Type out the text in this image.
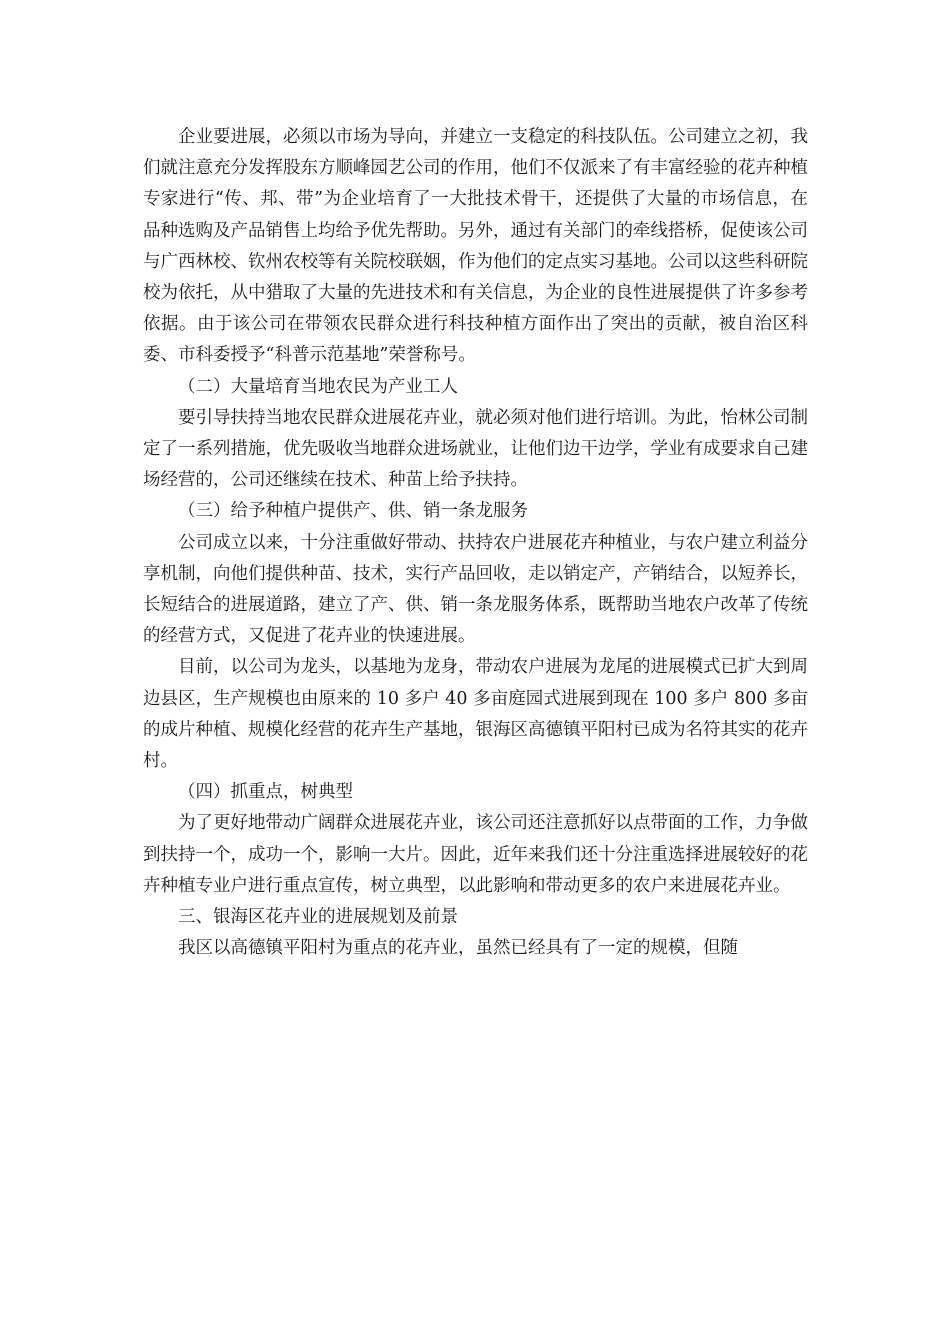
企业要进展，必须以市场为导向，并建立一支稳定的科技队伍。公司建立之初，我们就注意充分发挥股东方顺峰园艺公司的作用，他们不仅派来了有丰富经验的花卉种植专家进行“传、邦、带”为企业培育了一大批技术骨干，还提供了大量的市场信息，在品种选购及产品销售上均给予优先帮助。另外，通过有关部门的牵线搭桥，促使该公司与广西林校、钦州农校等有关院校联姻，作为他们的定点实习基地。公司以这些科研院校为依托，从中猎取了大量的先进技术和有关信息，为企业的良性进展提供了许多参考依据。由于该公司在带领农民群众进行科技种植方面作出了突出的贡献，被自治区科委、市科委授予“科普示范基地”荣誉称号。

（二）大量培育当地农民为产业工人

要引导扶持当地农民群众进展花卉业，就必须对他们进行培训。为此，怡林公司制定了一系列措施，优先吸收当地群众进场就业，让他们边干边学，学业有成要求自己建场经营的，公司还继续在技术、种苗上给予扶持。

（三）给予种植户提供产、供、销一条龙服务

公司成立以来，十分注重做好带动、扶持农户进展花卉种植业，与农户建立利益分享机制，向他们提供种苗、技术，实行产品回收，走以销定产，产销结合，以短养长，长短结合的进展道路，建立了产、供、销一条龙服务体系，既帮助当地农户改革了传统的经营方式，又促进了花卉业的快速进展。

目前，以公司为龙头，以基地为龙身，带动农户进展为龙尾的进展模式已扩大到周边县区，生产规模也由原来的 10 多户 40 多亩庭园式进展到现在 100 多户 800 多亩的成片种植、规模化经营的花卉生产基地，银海区高德镇平阳村已成为名符其实的花卉村。

（四）抓重点，树典型

为了更好地带动广阔群众进展花卉业，该公司还注意抓好以点带面的工作，力争做到扶持一个，成功一个，影响一大片。因此，近年来我们还十分注重选择进展较好的花卉种植专业户进行重点宣传，树立典型，以此影响和带动更多的农户来进展花卉业。

三、银海区花卉业的进展规划及前景

我区以高德镇平阳村为重点的花卉业，虽然已经具有了一定的规模，但随
